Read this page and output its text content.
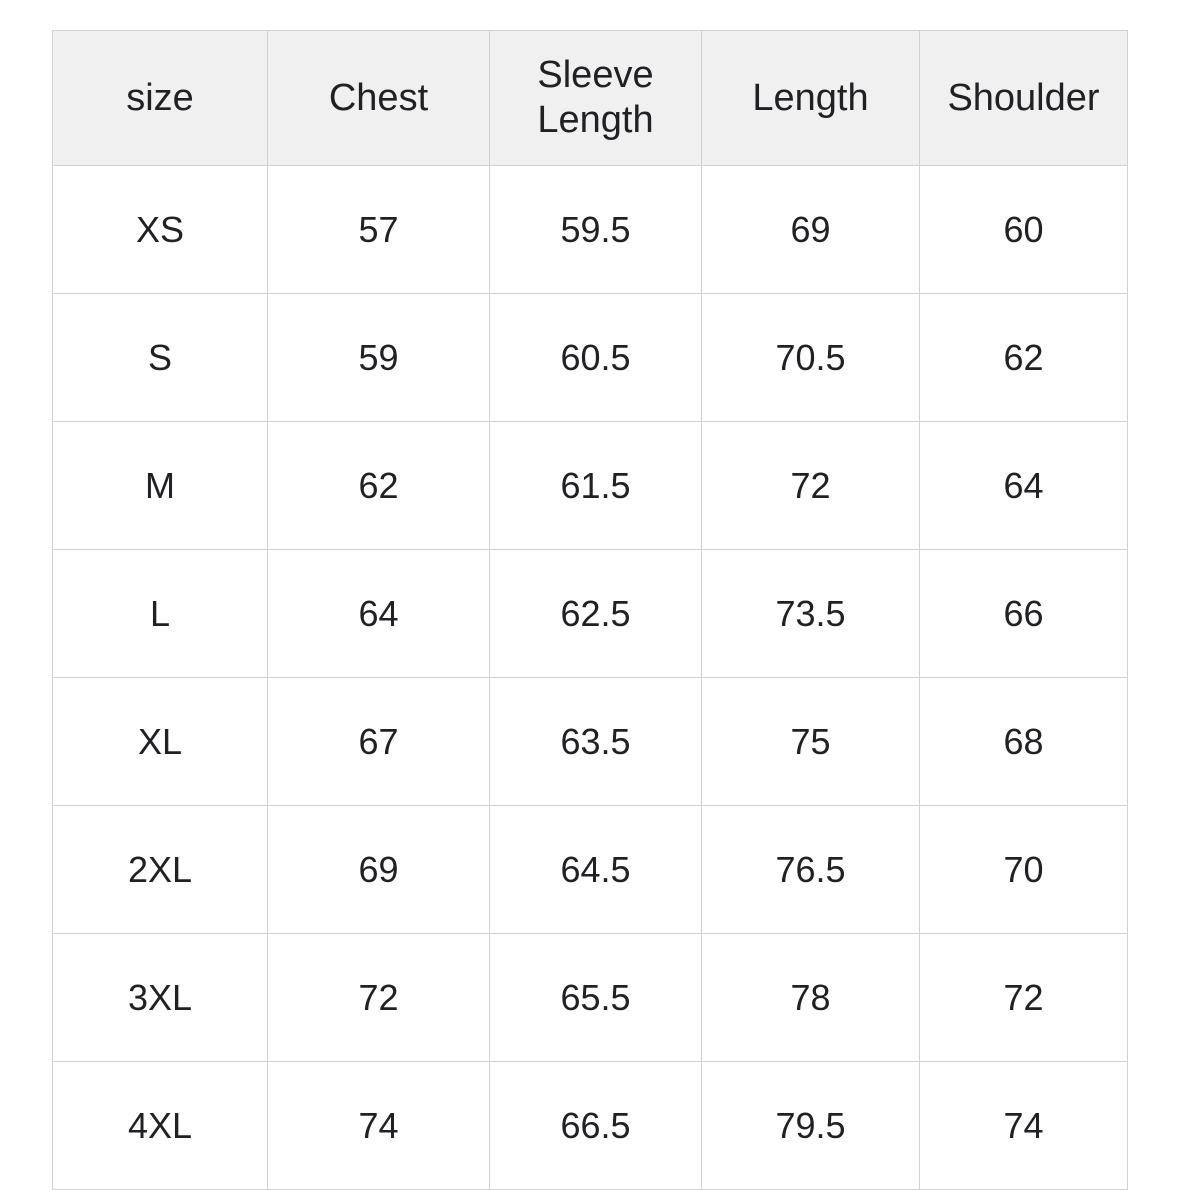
size	Chest	Sleeve Length	Length	Shoulder
XS	57	59.5	69	60
S	59	60.5	70.5	62
M	62	61.5	72	64
L	64	62.5	73.5	66
XL	67	63.5	75	68
2XL	69	64.5	76.5	70
3XL	72	65.5	78	72
4XL	74	66.5	79.5	74
